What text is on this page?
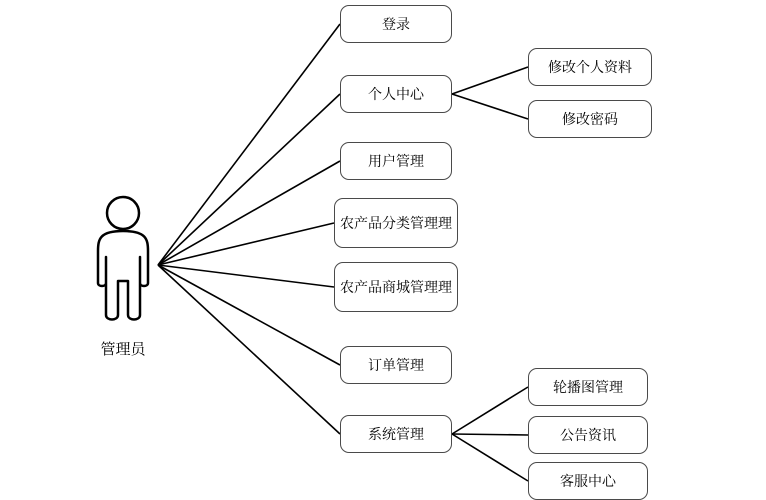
管理员
登录
个人中心
修改个人资料
修改密码
用户管理
农产品分类管理理
农产品商城管理理
订单管理
系统管理
轮播图管理
公告资讯
客服中心
